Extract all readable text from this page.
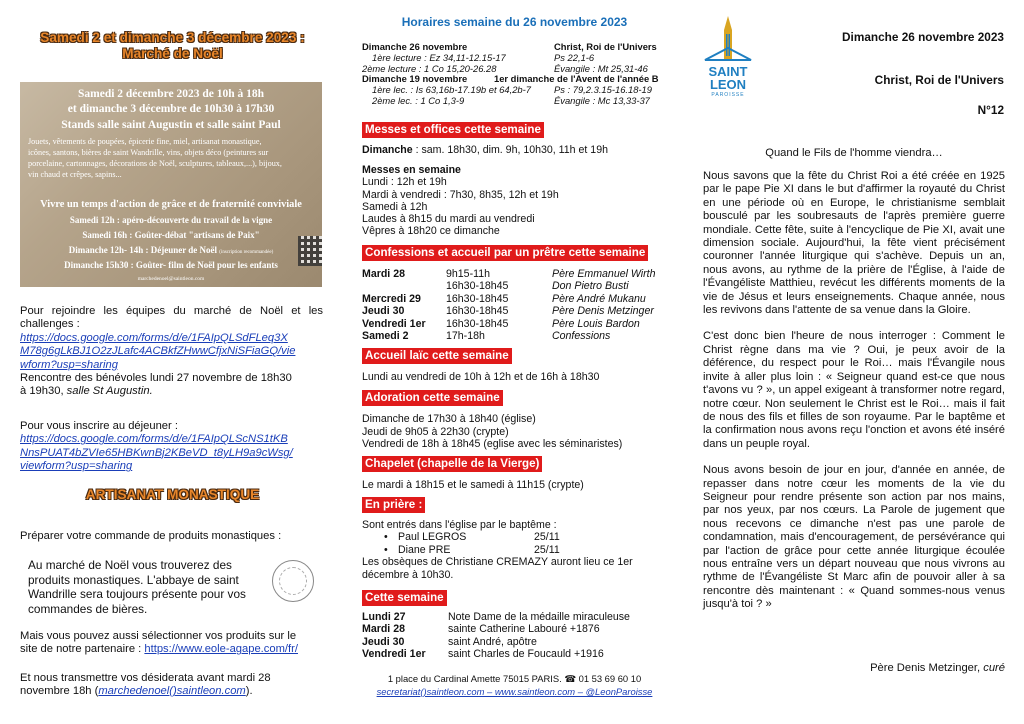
Samedi 2 et dimanche 3 décembre 2023 :
Marché de Noël
Samedi 2 décembre 2023 de 10h à 18h
et dimanche 3 décembre de 10h30 à 17h30
Stands salle saint Augustin et salle saint Paul
Jouets, vêtements de poupées, épicerie fine, miel, artisanat monastique,
icônes, santons, bières de saint Wandrille, vins, objets déco (peintures sur
porcelaine, cartonnages, décorations de Noël, sculptures, tableaux,...), bijoux,
vin chaud et crêpes, sapins...
Vivre un temps d'action de grâce et de fraternité conviviale
Samedi 12h : apéro-découverte du travail de la vigne
Samedi 16h : Goûter-débat "artisans de Paix"
Dimanche 12h- 14h : Déjeuner de Noël (inscription recommandée)
Dimanche 15h30 : Goûter- film de Noël pour les enfants
marchedenoel@saintleon.com

Pour rejoindre les équipes du marché de Noël et les challenges :

https://docs.google.com/forms/d/e/1FAIpQLSdFLeq3X
M78g6gLkBJ1O2zJLafc4ACBkfZHwwCfjxNiSFiaGQ/vie
wform?usp=sharing

Rencontre des bénévoles lundi 27 novembre de 18h30

à 19h30, salle St Augustin.

Pour vous inscrire au déjeuner :

https://docs.google.com/forms/d/e/1FAIpQLScNS1tKB
NnsPUAT4bZVIe65HBKwnBj2KBeVD_t8yLH9a9cWsg/
viewform?usp=sharing

ARTISANAT MONASTIQUE
Préparer votre commande de produits monastiques :

Au marché de Noël vous trouverez des

produits monastiques. L'abbaye de saint

Wandrille sera toujours présente pour vos

commandes de bières.

Mais vous pouvez aussi sélectionner vos produits sur le

site de notre partenaire : https://www.eole-agape.com/fr/

Et nous transmettre vos désiderata avant mardi 28

novembre 18h (marchedenoel()saintleon.com).

Horaires semaine du 26 novembre 2023
Dimanche 26 novembre	Christ, Roi de l'Univers
1ère lecture : Ez 34,11-12.15-17	Ps 22,1-6
2ème lecture : 1 Co 15,20-26.28	Évangile : Mt 25,31-46
Dimanche 19 novembre	1er dimanche de l'Avent de l'année B
1ère lec. : Is 63,16b-17.19b et 64,2b-7	Ps : 79,2.3.15-16.18-19
2ème lec. : 1 Co 1,3-9	Évangile : Mc 13,33-37
Messes et offices cette semaine
Dimanche : sam. 18h30, dim. 9h, 10h30, 11h et 19h
Messes en semaine
Lundi : 12h et 19h
Mardi à vendredi : 7h30, 8h35, 12h et 19h
Samedi à 12h
Laudes à 8h15 du mardi au vendredi
Vêpres à 18h20 ce dimanche
Confessions et accueil par un prêtre cette semaine
Mardi 28	9h15-11h	Père Emmanuel Wirth
16h30-18h45	Don Pietro Busti
Mercredi 29	16h30-18h45	Père André Mukanu
Jeudi 30	16h30-18h45	Père Denis Metzinger
Vendredi 1er	16h30-18h45	Père Louis Bardon
Samedi 2	17h-18h	Confessions
Accueil laïc cette semaine
Lundi au vendredi de 10h à 12h et de 16h à 18h30
Adoration cette semaine
Dimanche de 17h30 à 18h40 (église)
Jeudi de 9h05 à 22h30 (crypte)
Vendredi de 18h à 18h45 (eglise avec les séminaristes)
Chapelet (chapelle de la Vierge)
Le mardi à 18h15 et le samedi à 11h15 (crypte)
En prière :
Sont entrés dans l'église par le baptême :
• Paul LEGROS	25/11
• Diane PRE	25/11
Les obsèques de Christiane CREMAZY auront lieu ce 1er
décembre à 10h30.
Cette semaine
Lundi 27	Note Dame de la médaille miraculeuse
Mardi 28	sainte Catherine Labouré +1876
Jeudi 30	saint André, apôtre
Vendredi 1er	saint Charles de Foucauld +1916
1 place du Cardinal Amette 75015 PARIS. ☎ 01 53 69 60 10
secretariat()saintleon.com – www.saintleon.com – @LeonParoisse
SAINT
LEON
PAROISSE
Dimanche 26 novembre 2023
Christ, Roi de l'Univers
N°12
Quand le Fils de l'homme viendra…

Nous savons que la fête du Christ Roi a été créée en 1925 par le pape Pie XI dans le but d'affirmer la royauté du Christ en une période où en Europe, le christianisme semblait bousculé par les soubresauts de l'après première guerre mondiale. Cette fête, suite à l'encyclique de Pie XI, avait une dimension sociale. Aujourd'hui, la fête vient précisément couronner l'année liturgique qui s'achève. Depuis un an, nous avons, au rythme de la prière de l'Église, à l'aide de l'Évangéliste Matthieu, revécut les différents moments de la vie de Jésus et leurs enseignements. Chaque année, nous les revivons dans l'attente de sa venue dans la Gloire.

C'est donc bien l'heure de nous interroger : Comment le Christ règne dans ma vie ? Oui, je peux avoir de la déférence, du respect pour le Roi… mais l'Évangile nous invite à aller plus loin : « Seigneur quand est-ce que nous t'avons vu ? », un appel exigeant à transformer notre regard, notre cœur. Non seulement le Christ est le Roi… mais il fait de nous des fils et filles de son royaume. Par le baptême et la confirmation nous avons reçu l'onction et avons été inséré dans un peuple royal.

Nous avons besoin de jour en jour, d'année en année, de repasser dans notre cœur les moments de la vie du Seigneur pour rendre présente son action par nos mains, par nos yeux, par nos cœurs. La Parole de jugement que nous recevons ce dimanche n'est pas une parole de condamnation, mais d'encouragement, de persévérance qui par l'action de grâce pour cette année liturgique écoulée nous entraîne vers un départ nouveau que nous vivrons au rythme de l'Évangéliste St Marc afin de pouvoir aller à sa rencontre dès maintenant : « Quand sommes-nous venus jusqu'à toi ? »

Père Denis Metzinger, curé
